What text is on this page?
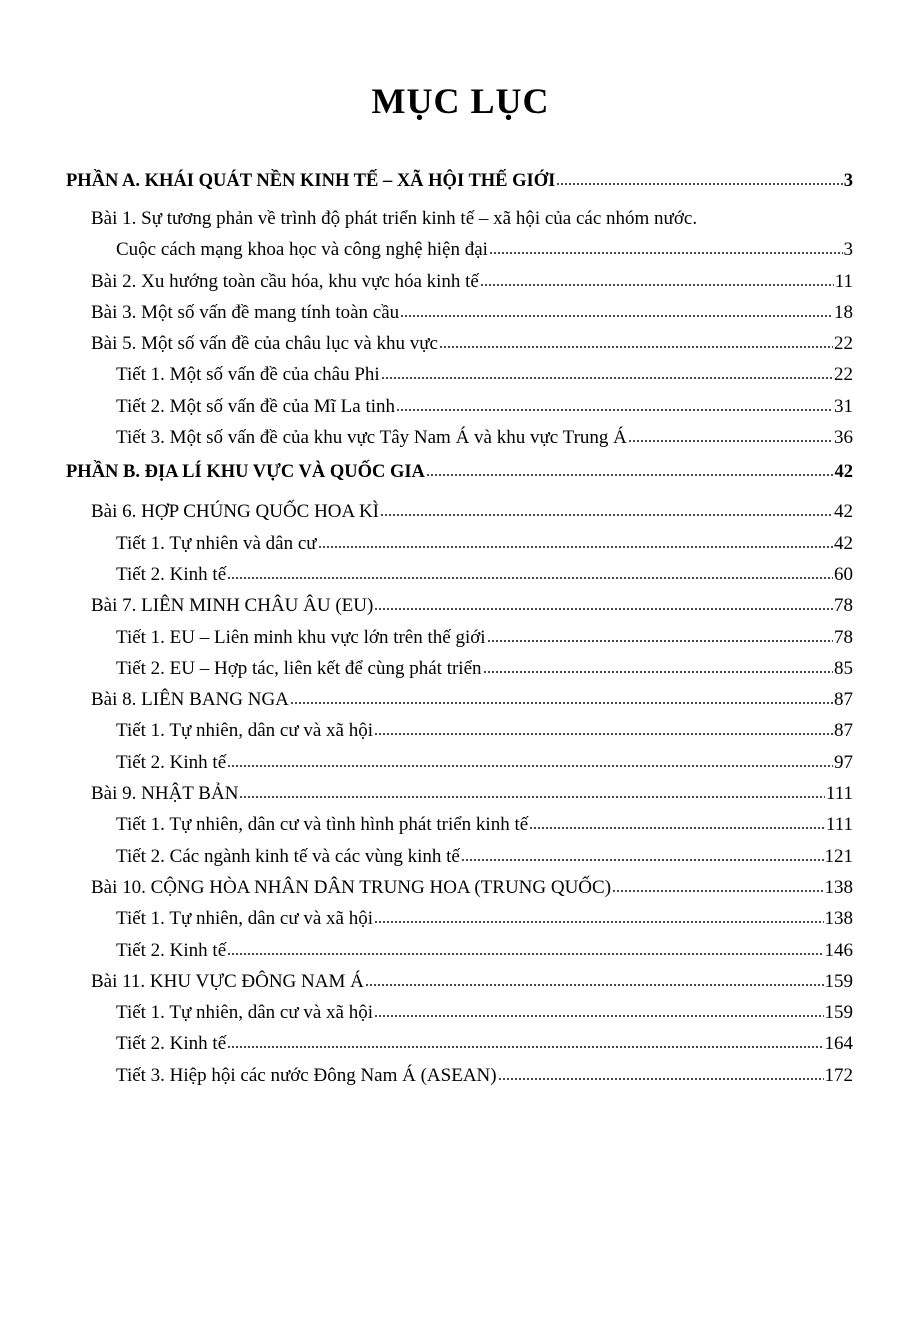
MỤC LỤC
PHẦN A. KHÁI QUÁT NỀN KINH TẾ – XÃ HỘI THẾ GIỚI	3
Bài 1. Sự tương phản về trình độ phát triển kinh tế – xã hội của các nhóm nước.
Cuộc cách mạng khoa học và công nghệ hiện đại	3
Bài 2. Xu hướng toàn cầu hóa, khu vực hóa kinh tế	11
Bài 3. Một số vấn đề mang tính toàn cầu	18
Bài 5. Một số vấn đề của châu lục và khu vực	22
Tiết 1. Một số vấn đề của châu Phi	22
Tiết 2. Một số vấn đề của Mĩ La tinh	31
Tiết 3. Một số vấn đề của khu vực Tây Nam Á và khu vực Trung Á	36
PHẦN B. ĐỊA LÍ KHU VỰC VÀ QUỐC GIA	42
Bài 6. HỢP CHÚNG QUỐC HOA KÌ	42
Tiết 1. Tự nhiên và dân cư	42
Tiết 2. Kinh tế	60
Bài 7. LIÊN MINH CHÂU ÂU (EU)	78
Tiết 1. EU – Liên minh khu vực lớn trên thế giới	78
Tiết 2. EU – Hợp tác, liên kết để cùng phát triển	85
Bài 8. LIÊN BANG NGA	87
Tiết 1. Tự nhiên, dân cư và xã hội	87
Tiết 2. Kinh tế	97
Bài 9. NHẬT BẢN	111
Tiết 1. Tự nhiên, dân cư và tình hình phát triển kinh tế	111
Tiết 2. Các ngành kinh tế và các vùng kinh tế	121
Bài 10. CỘNG HÒA NHÂN DÂN TRUNG HOA (TRUNG QUỐC)	138
Tiết 1. Tự nhiên, dân cư và xã hội	138
Tiết 2. Kinh tế	146
Bài 11. KHU VỰC ĐÔNG NAM Á	159
Tiết 1. Tự nhiên, dân cư và xã hội	159
Tiết 2. Kinh tế	164
Tiết 3. Hiệp hội các nước Đông Nam Á (ASEAN)	172
